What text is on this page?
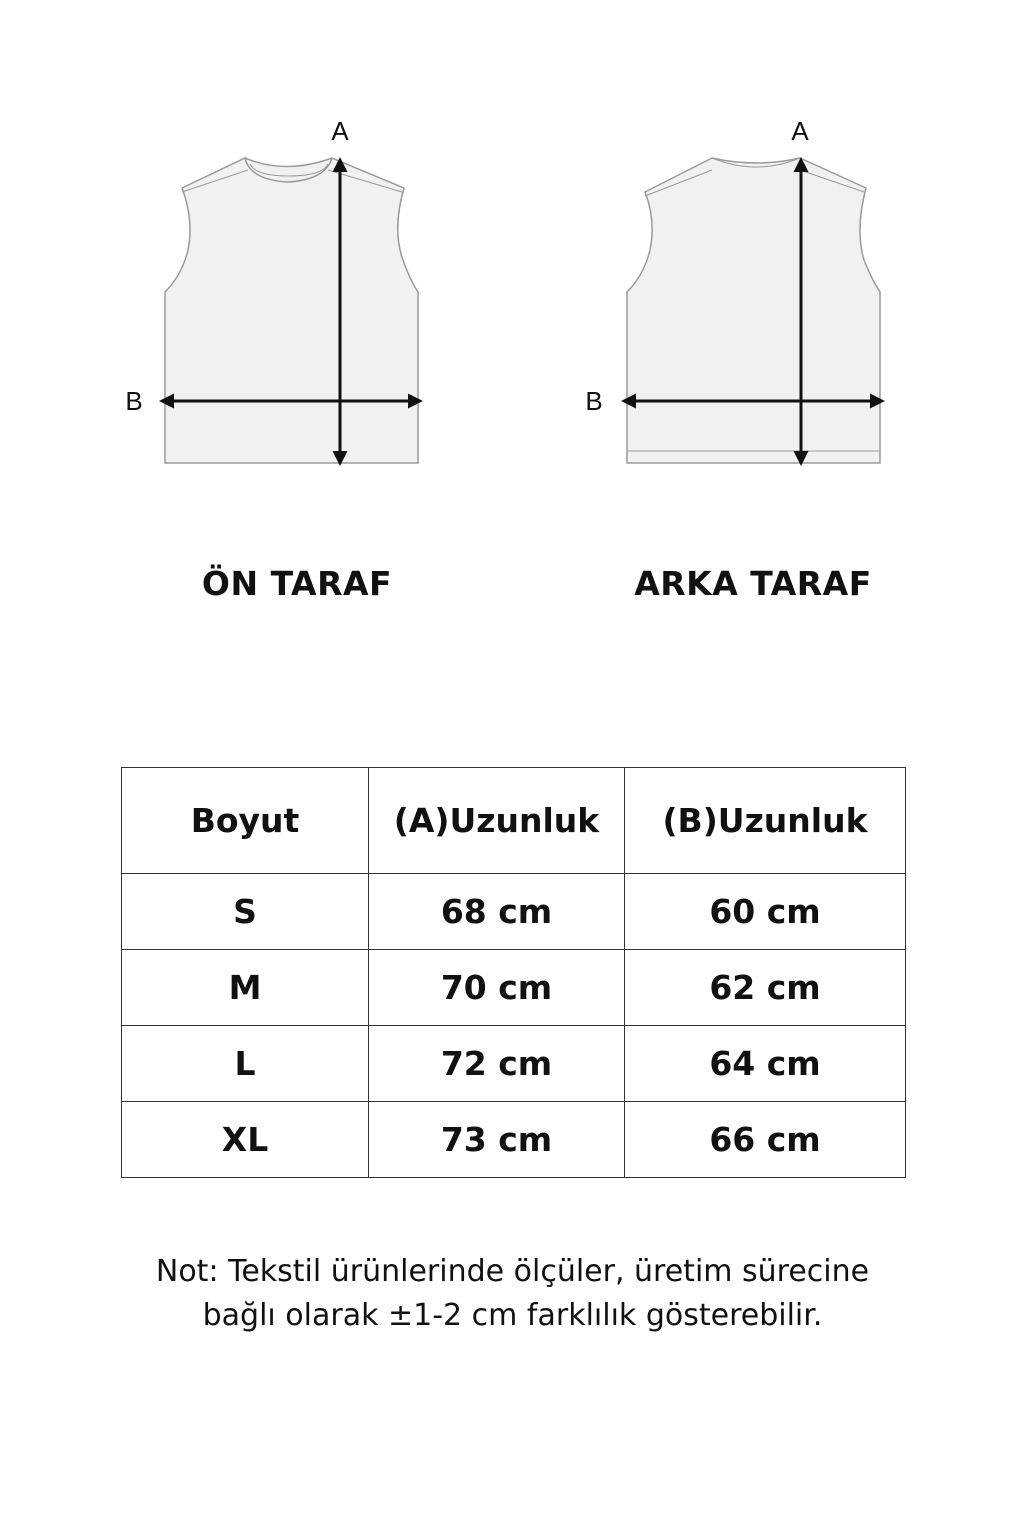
A
B
ÖN TARAF
A
B
ARKA TARAF
Boyut	(A)Uzunluk	(B)Uzunluk
S	68 cm	60 cm
M	70 cm	62 cm
L	72 cm	64 cm
XL	73 cm	66 cm

Not: Tekstil ürünlerinde ölçüler, üretim sürecine

bağlı olarak ±1-2 cm farklılık gösterebilir.
